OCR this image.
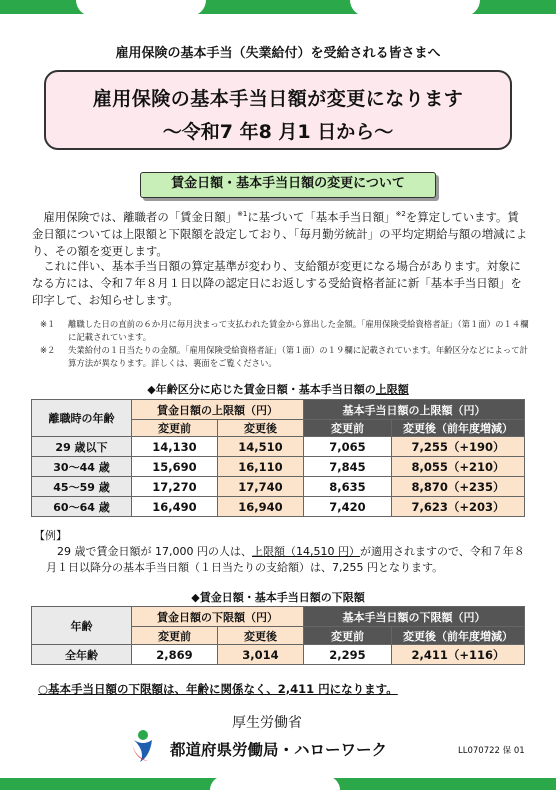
雇用保険の基本手当（失業給付）を受給される皆さまへ
雇用保険の基本手当日額が変更になります
〜令和7 年8 月1 日から〜
賃金日額・基本手当日額の変更について
　雇用保険では、離職者の「賃金日額」$^{※1}$に基づいて「基本手当日額」$^{※2}$を算定しています。賃金日額については上限額と下限額を設定しており、「毎月勤労統計」の平均定期給与額の増減により、その額を変更します。
　これに伴い、基本手当日額の算定基準が変わり、支給額が変更になる場合があります。対象になる方には、令和７年８月１日以降の認定日にお返しする受給資格者証に新「基本手当日額」を印字して、お知らせします。
※１	離職した日の直前の６か月に毎月決まって支払われた賃金から算出した金額。「雇用保険受給資格者証」（第１面）の１４欄に記載されています。
※２	失業給付の１日当たりの金額。「雇用保険受給資格者証」（第１面）の１９欄に記載されています。年齢区分などによって計算方法が異なります。詳しくは、裏面をご覧ください。
◆年齢区分に応じた賃金日額・基本手当日額の上限額
離職時の年齢	賃金日額の上限額（円）		基本手当日額の上限額（円）	
	変更前	変更後	変更前	変更後（前年度増減）
29 歳以下	14,130	14,510	7,065	7,255（+190）
30〜44 歳	15,690	16,110	7,845	8,055（+210）
45〜59 歳	17,270	17,740	8,635	8,870（+235）
60〜64 歳	16,490	16,940	7,420	7,623（+203）
【例】
　29 歳で賃金日額が 17,000 円の人は、上限額（14,510 円）が適用されますので、令和７年８月１日以降分の基本手当日額（１日当たりの支給額）は、7,255 円となります。
◆賃金日額・基本手当日額の下限額
年齢	賃金日額の下限額（円）		基本手当日額の下限額（円）	
	変更前	変更後	変更前	変更後（前年度増減）
全年齢	2,869	3,014	2,295	2,411（+116）
○基本手当日額の下限額は、年齢に関係なく、2,411 円になります。
厚生労働省
都道府県労働局・ハローワーク	LL070722 保 01
